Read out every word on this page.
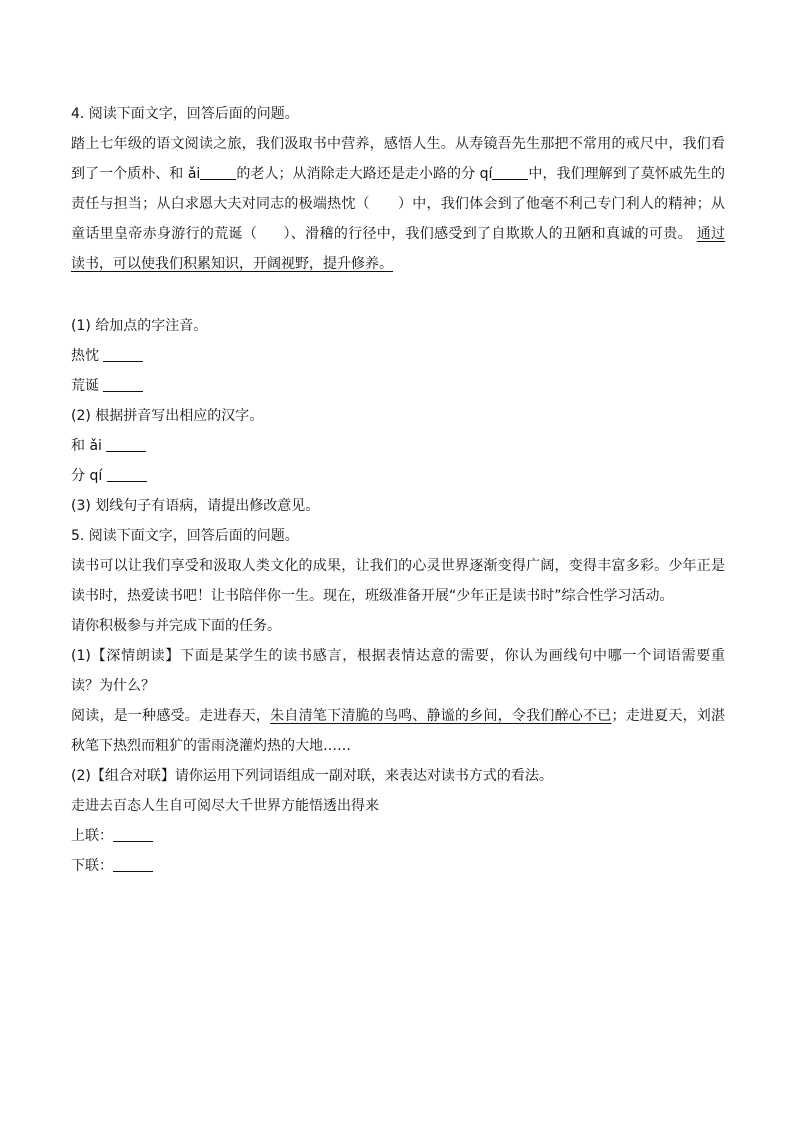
4. 阅读下面文字，回答后面的问题。
踏上七年级的语文阅读之旅，我们汲取书中营养，感悟人生。从寿镜吾先生那把不常用的戒尺中，我们看
到了一个质朴、和 ǎi	的老人；从消除走大路还是走小路的分 qí	中，我们理解到了莫怀戚先生的
责任与担当；从白求恩大夫对同志的极端热忱（ ）中，我们体会到了他毫不利己专门利人的精神；从
童话里皇帝赤身游行的荒诞（ ）、滑稽的行径中，我们感受到了自欺欺人的丑陋和真诚的可贵。 通过
读书，可以使我们积累知识，开阔视野，提升修养。
(1) 给加点的字注音。
热忱
荒诞
(2) 根据拼音写出相应的汉字。
和 ǎi
分 qí
(3) 划线句子有语病，请提出修改意见。
5. 阅读下面文字，回答后面的问题。
读书可以让我们享受和汲取人类文化的成果，让我们的心灵世界逐渐变得广阔，变得丰富多彩。少年正是
读书时，热爱读书吧！让书陪伴你一生。现在，班级准备开展“少年正是读书时”综合性学习活动。
请你积极参与并完成下面的任务。
(1)【深情朗读】下面是某学生的读书感言，根据表情达意的需要，你认为画线句中哪一个词语需要重
读？为什么？
阅读，是一种感受。走进春天，朱自清笔下清脆的鸟鸣、静谧的乡间，令我们醉心不已；走进夏天，刘湛
秋笔下热烈而粗犷的雷雨浇灌灼热的大地……
(2)【组合对联】请你运用下列词语组成一副对联，来表达对读书方式的看法。
走进去百态人生自可阅尽大千世界方能悟透出得来
上联：
下联：
